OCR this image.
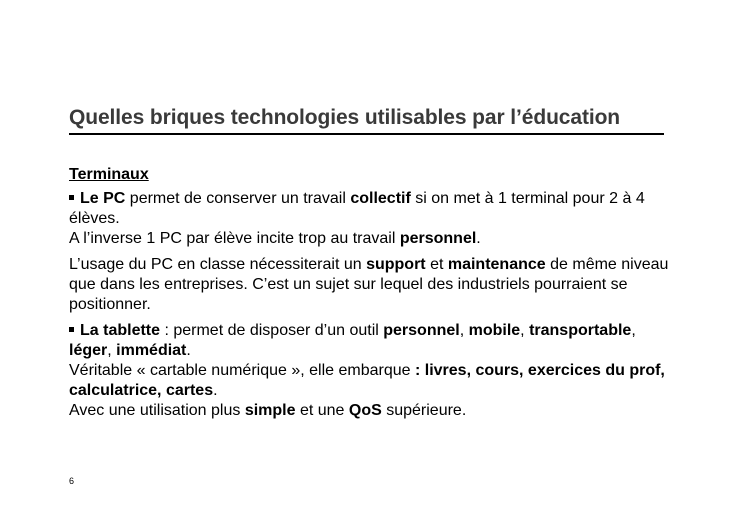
Quelles briques technologies utilisables par l’éducation
Terminaux
Le PC permet de conserver un travail collectif si on met à 1 terminal pour 2 à 4 élèves.
A l’inverse 1 PC par élève incite trop au travail personnel.
L’usage du PC en classe nécessiterait un support et maintenance de même niveau que dans les entreprises. C’est un sujet sur lequel des industriels pourraient se positionner.
La tablette : permet de disposer d’un outil personnel, mobile, transportable, léger, immédiat.
Véritable « cartable numérique », elle embarque : livres, cours, exercices du prof, calculatrice, cartes.
Avec une utilisation plus simple et une QoS supérieure.
6
